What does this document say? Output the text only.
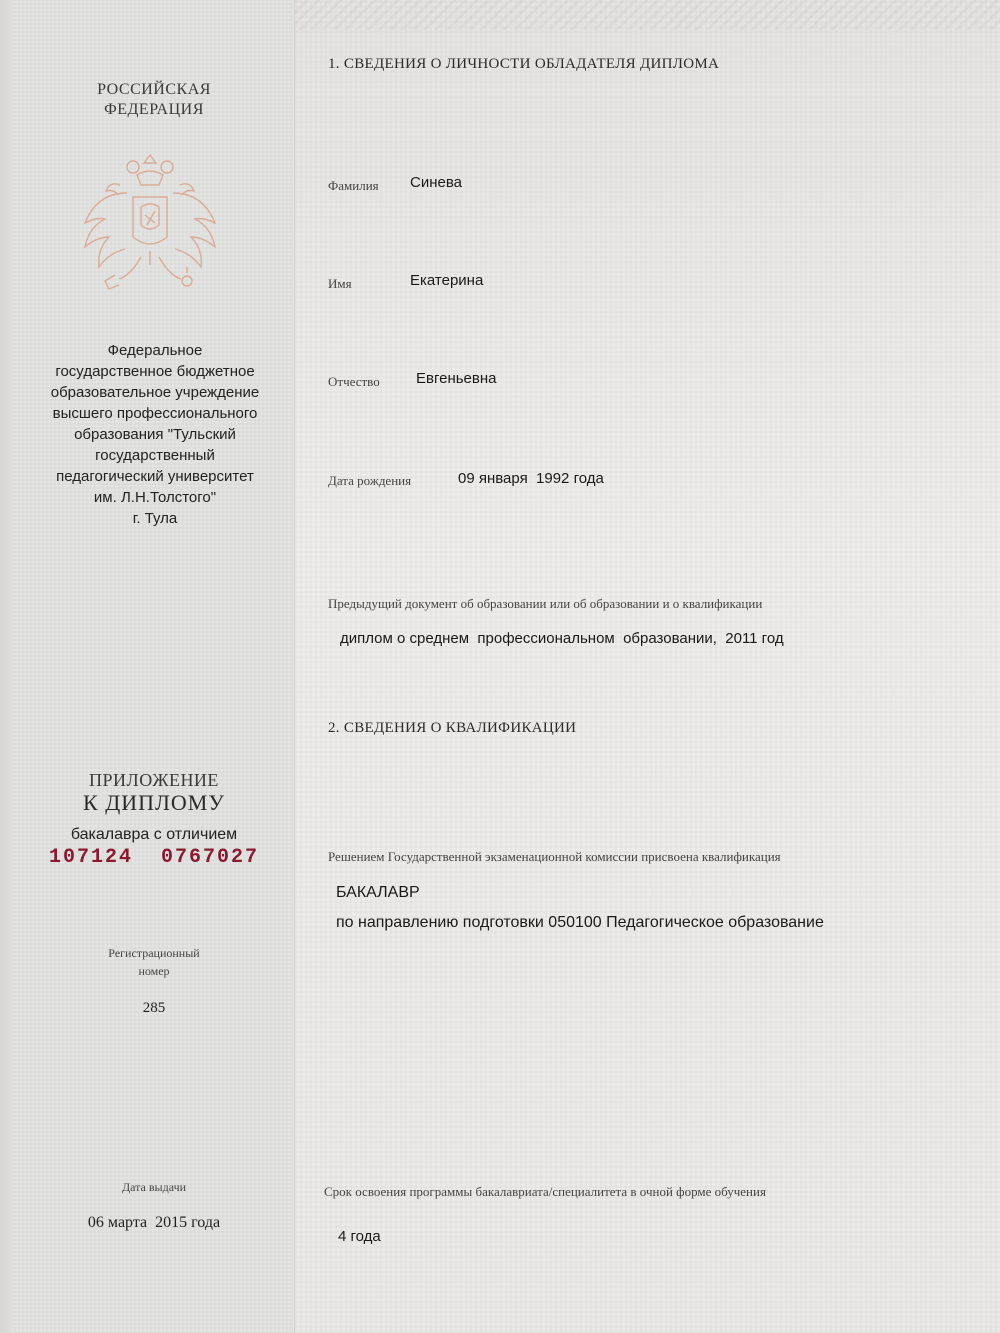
РОССИЙСКАЯ
ФЕДЕРАЦИЯ
Федеральное
государственное бюджетное
образовательное учреждение
высшего профессионального
образования "Тульский
государственный
педагогический университет
им. Л.Н.Толстого"
г. Тула
ПРИЛОЖЕНИЕ
К ДИПЛОМУ
бакалавра с отличием
107124  0767027
Регистрационный
номер
285
Дата выдачи
06 марта  2015 года
1. СВЕДЕНИЯ О ЛИЧНОСТИ ОБЛАДАТЕЛЯ ДИПЛОМА
Фамилия Синева
Имя	Екатерина
Отчество Евгеньевна
Дата рождения	09 января  1992 года
Предыдущий документ об образовании или об образовании и о квалификации
диплом о среднем  профессиональном  образовании,  2011 год
2. СВЕДЕНИЯ О КВАЛИФИКАЦИИ
Решением Государственной экзаменационной комиссии присвоена квалификация
БАКАЛАВР
по направлению подготовки 050100 Педагогическое образование
Срок освоения программы бакалавриата/специалитета в очной форме обучения
4 года
